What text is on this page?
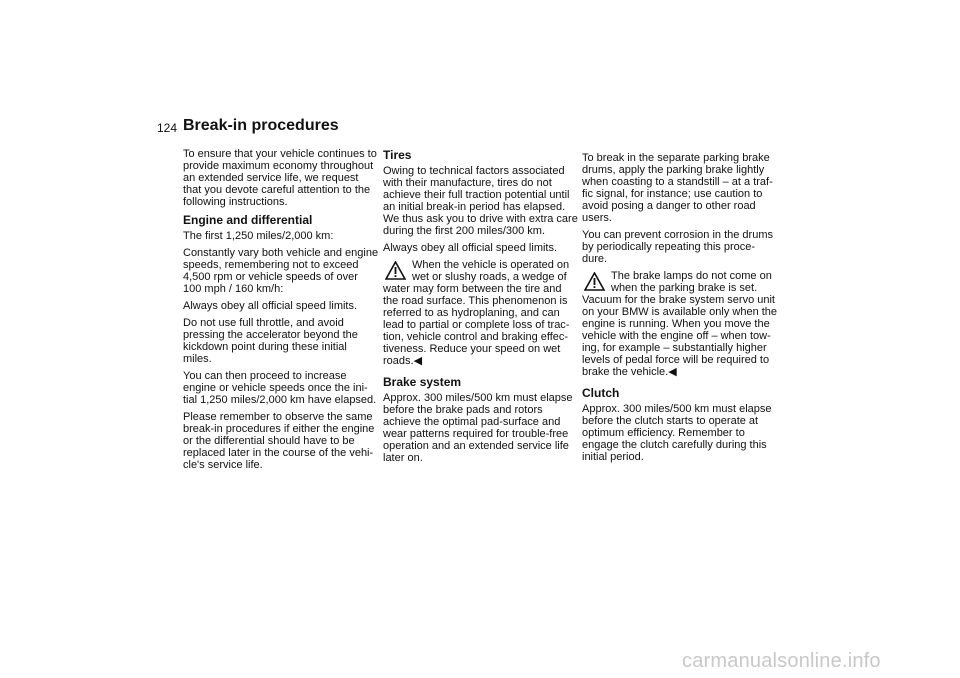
124 Break-in procedures

To ensure that your vehicle continues to
provide maximum economy throughout
an extended service life, we request
that you devote careful attention to the
following instructions.

Engine and differential

The first 1,250 miles/2,000 km:

Constantly vary both vehicle and engine
speeds, remembering not to exceed
4,500 rpm or vehicle speeds of over
100 mph / 160 km/h:

Always obey all official speed limits.

Do not use full throttle, and avoid
pressing the accelerator beyond the
kickdown point during these initial
miles.

You can then proceed to increase
engine or vehicle speeds once the ini-
tial 1,250 miles/2,000 km have elapsed.

Please remember to observe the same
break-in procedures if either the engine
or the differential should have to be
replaced later in the course of the vehi-
cle's service life.

Tires

Owing to technical factors associated
with their manufacture, tires do not
achieve their full traction potential until
an initial break-in period has elapsed.
We thus ask you to drive with extra care
during the first 200 miles/300 km.

Always obey all official speed limits.

When the vehicle is operated on
wet or slushy roads, a wedge of
water may form between the tire and
the road surface. This phenomenon is
referred to as hydroplaning, and can
lead to partial or complete loss of trac-
tion, vehicle control and braking effec-
tiveness. Reduce your speed on wet
roads.◀
Brake system

Approx. 300 miles/500 km must elapse
before the brake pads and rotors
achieve the optimal pad-surface and
wear patterns required for trouble-free
operation and an extended service life
later on.

To break in the separate parking brake
drums, apply the parking brake lightly
when coasting to a standstill – at a traf-
fic signal, for instance; use caution to
avoid posing a danger to other road
users.

You can prevent corrosion in the drums
by periodically repeating this proce-
dure.

The brake lamps do not come on
when the parking brake is set.
Vacuum for the brake system servo unit
on your BMW is available only when the
engine is running. When you move the
vehicle with the engine off – when tow-
ing, for example – substantially higher
levels of pedal force will be required to
brake the vehicle.◀
Clutch

Approx. 300 miles/500 km must elapse
before the clutch starts to operate at
optimum efficiency. Remember to
engage the clutch carefully during this
initial period.

carmanualsonline.info
